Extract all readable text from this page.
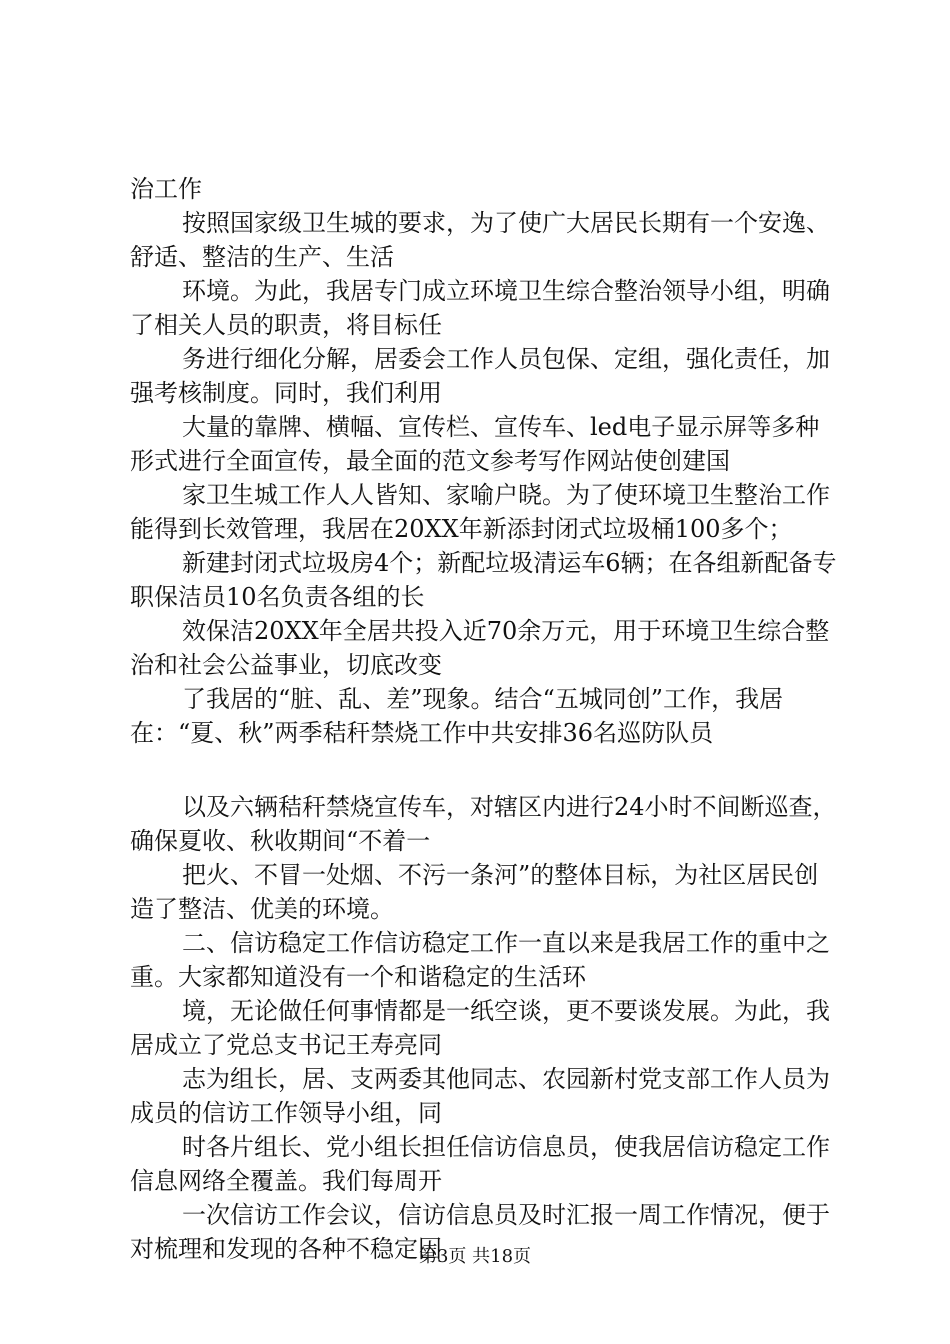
治工作

按照国家级卫生城的要求，为了使广大居民长期有一个安逸、舒适、整洁的生产、生活

环境。为此，我居专门成立环境卫生综合整治领导小组，明确了相关人员的职责，将目标任

务进行细化分解，居委会工作人员包保、定组，强化责任，加强考核制度。同时，我们利用

大量的靠牌、横幅、宣传栏、宣传车、led电子显示屏等多种形式进行全面宣传，最全面的范文参考写作网站使创建国

家卫生城工作人人皆知、家喻户晓。为了使环境卫生整治工作能得到长效管理，我居在20XX年新添封闭式垃圾桶100多个；

新建封闭式垃圾房4个；新配垃圾清运车6辆；在各组新配备专职保洁员10名负责各组的长

效保洁20XX年全居共投入近70余万元，用于环境卫生综合整治和社会公益事业，切底改变

了我居的“脏、乱、差”现象。结合“五城同创”工作，我居在：“夏、秋”两季秸秆禁烧工作中共安排36名巡防队员

以及六辆秸秆禁烧宣传车，对辖区内进行24小时不间断巡查，确保夏收、秋收期间“不着一

把火、不冒一处烟、不污一条河”的整体目标，为社区居民创造了整洁、优美的环境。

二、信访稳定工作信访稳定工作一直以来是我居工作的重中之重。大家都知道没有一个和谐稳定的生活环

境，无论做任何事情都是一纸空谈，更不要谈发展。为此，我居成立了党总支书记王寿亮同

志为组长，居、支两委其他同志、农园新村党支部工作人员为成员的信访工作领导小组，同

时各片组长、党小组长担任信访信息员，使我居信访稳定工作信息网络全覆盖。我们每周开

一次信访工作会议，信访信息员及时汇报一周工作情况，便于对梳理和发现的各种不稳定因

第3页 共18页
